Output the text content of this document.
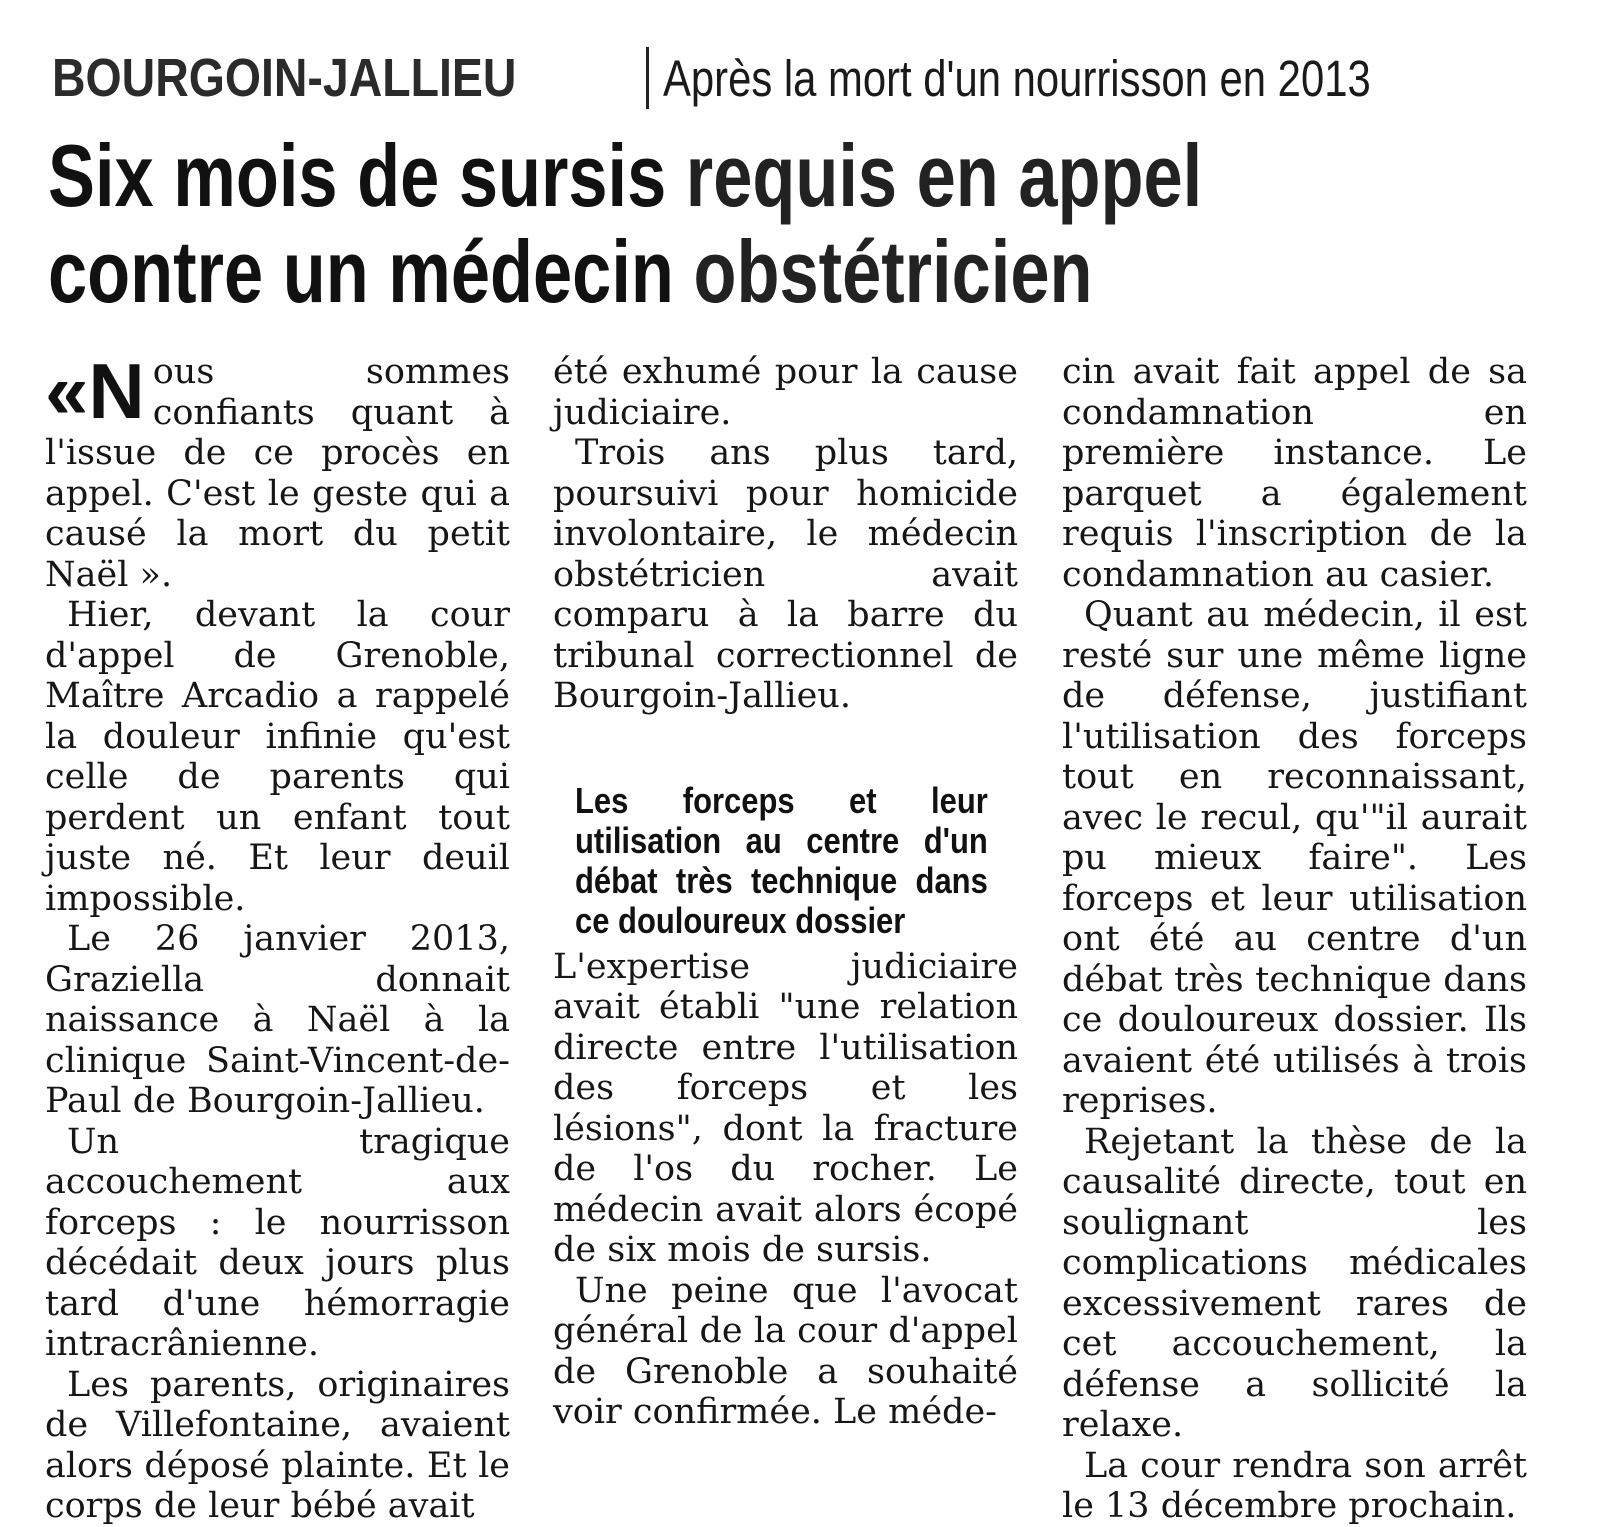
BOURGOIN-JALLIEU	Après la mort d'un nourrisson en 2013
Six mois de sursis requis en appel
contre un médecin obstétricien

«N ous sommes confiants quant à l'issue de ce procès en appel. C'est le geste qui a causé la mort du petit Naël ».

Hier, devant la cour d'appel de Grenoble, Maître Arcadio a rappelé la douleur infinie qu'est celle de parents qui perdent un enfant tout juste né. Et leur deuil impossible.

Le 26 janvier 2013, Graziella donnait naissance à Naël à la clinique Saint-Vincent-de-Paul de Bourgoin-Jallieu.

Un tragique accouchement aux forceps : le nourrisson décédait deux jours plus tard d'une hémorragie intracrânienne.

Les parents, originaires de Villefontaine, avaient alors déposé plainte. Et le corps de leur bébé avait

été exhumé pour la cause judiciaire.

Trois ans plus tard, poursuivi pour homicide involontaire, le médecin obstétricien avait comparu à la barre du tribunal correctionnel de Bourgoin-Jallieu.

Les forceps et leur utilisation au centre d'un débat très technique dans ce douloureux dossier

L'expertise judiciaire avait établi "une relation directe entre l'utilisation des forceps et les lésions", dont la fracture de l'os du rocher. Le médecin avait alors écopé de six mois de sursis.

Une peine que l'avocat général de la cour d'appel de Grenoble a souhaité voir confirmée. Le méde-

cin avait fait appel de sa condamnation en première instance. Le parquet a également requis l'inscription de la condamnation au casier.

Quant au médecin, il est resté sur une même ligne de défense, justifiant l'utilisation des forceps tout en reconnaissant, avec le recul, qu'"il aurait pu mieux faire". Les forceps et leur utilisation ont été au centre d'un débat très technique dans ce douloureux dossier. Ils avaient été utilisés à trois reprises.

Rejetant la thèse de la causalité directe, tout en soulignant les complications médicales excessivement rares de cet accouchement, la défense a sollicité la relaxe.

La cour rendra son arrêt le 13 décembre prochain.
